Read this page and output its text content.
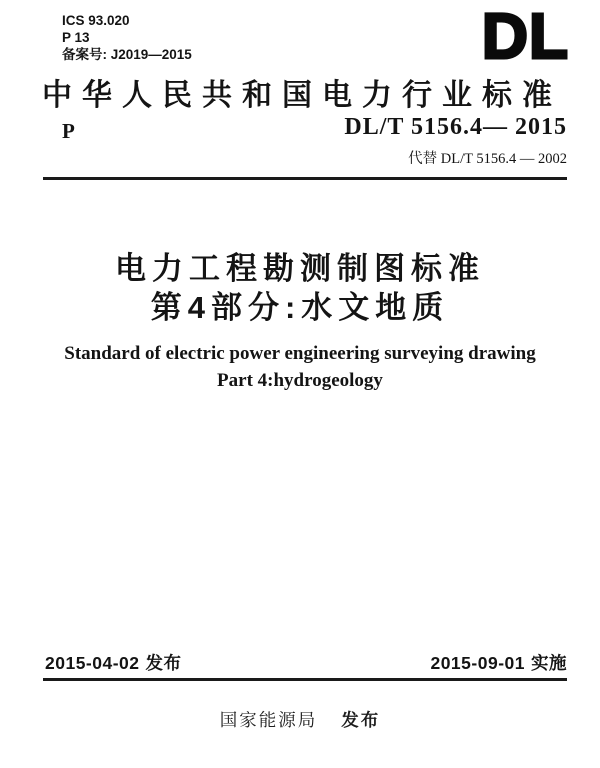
ICS 93.020
P 13
备案号: J2019—2015	DL
中华人民共和国电力行业标准
P	DL/T 5156.4— 2015
代替 DL/T 5156.4 — 2002
电力工程勘测制图标准
第4部分:水文地质
Standard of electric power engineering surveying drawing
Part 4:hydrogeology
2015-04-02 发布	2015-09-01 实施
国家能源局 发布
